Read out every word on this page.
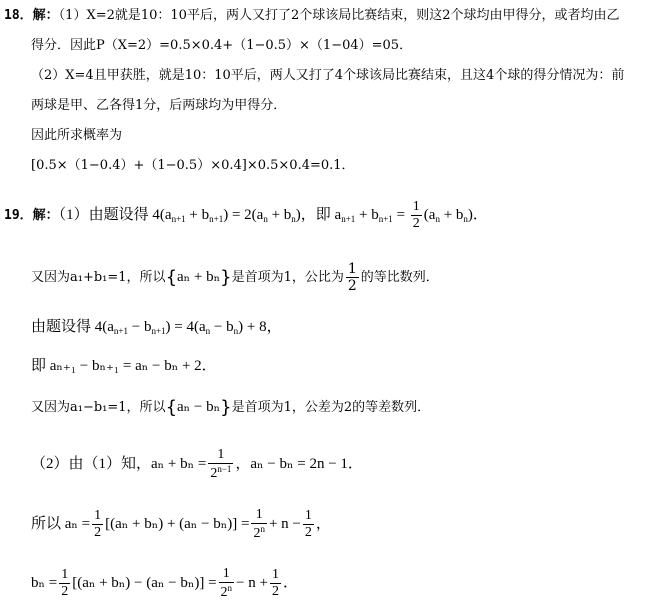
18．解：（1）X=2就是10：10平后，两人又打了2个球该局比赛结束，则这2个球均由甲得分，或者均由乙
得分．因此P（X=2）=0.5×0.4+（1−0.5）×（1−04）=05．
（2）X=4且甲获胜，就是10：10平后，两人又打了4个球该局比赛结束，且这4个球的得分情况为：前
两球是甲、乙各得1分，后两球均为甲得分．
因此所求概率为
[0.5×（1−0.4）+（1−0.5）×0.4]×0.5×0.4=0.1．
19．解：（1）由题设得 $4(a_{n+1} + b_{n+1}) = 2(a_n + b_n)$，即 $a_{n+1} + b_{n+1} = \frac{1}{2} (a_n + b_n)$．
又因为a₁+b₁=1，所以{aₙ + bₙ}是首项为1，公比为 $\frac{1}{2}$ 的等比数列．
由题设得 $4(a_{n+1} - b_{n+1}) = 4(a_n - b_n) + 8$，
即 aₙ₊₁ − bₙ₊₁ = aₙ − bₙ + 2．
又因为a₁−b₁=1，所以{aₙ − bₙ}是首项为1，公差为2的等差数列．
（2）由（1）知，$a_n + b_n = \frac{1}{2^{n-1}}$ ，aₙ − bₙ = 2n − 1．
所以 $a_n = \frac{1}{2} [(a_n + b_n) + (a_n - b_n)] = \frac{1}{2^n} + n - \frac{1}{2}$ ，
$b_n = \frac{1}{2} [(a_n + b_n) - (a_n - b_n)] = \frac{1}{2^n} - n + \frac{1}{2}$ ．
